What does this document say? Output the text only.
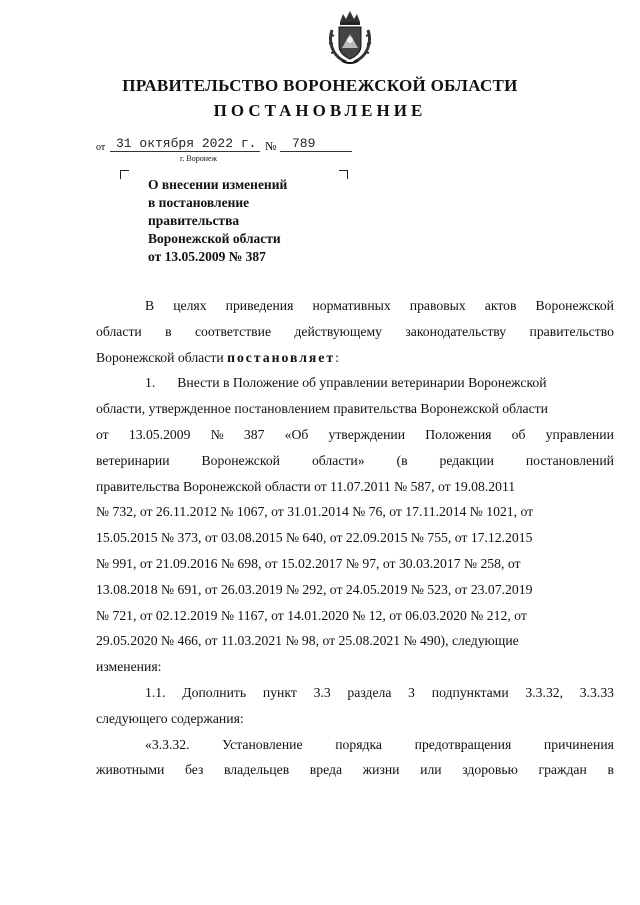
ПРАВИТЕЛЬСТВО ВОРОНЕЖСКОЙ ОБЛАСТИ
ПОСТАНОВЛЕНИЕ
от 31 октября 2022 г. № 789
г. Воронеж
О внесении изменений
в постановление
правительства
Воронежской области
от 13.05.2009 № 387
В целях приведения нормативных правовых актов Воронежской
области в соответствие действующему законодательству правительство
Воронежской области постановляет :
1. Внести в Положение об управлении ветеринарии Воронежской
области, утвержденное постановлением правительства Воронежской области
от 13.05.2009 № 387 «Об утверждении Положения об управлении
ветеринарии Воронежской области» (в редакции постановлений
правительства Воронежской области от 11.07.2011 № 587, от 19.08.2011
№ 732, от 26.11.2012 № 1067, от 31.01.2014 № 76, от 17.11.2014 № 1021, от
15.05.2015 № 373, от 03.08.2015 № 640, от 22.09.2015 № 755, от 17.12.2015
№ 991, от 21.09.2016 № 698, от 15.02.2017 № 97, от 30.03.2017 № 258, от
13.08.2018 № 691, от 26.03.2019 № 292, от 24.05.2019 № 523, от 23.07.2019
№ 721, от 02.12.2019 № 1167, от 14.01.2020 № 12, от 06.03.2020 № 212, от
29.05.2020 № 466, от 11.03.2021 № 98, от 25.08.2021 № 490), следующие
изменения:
1.1. Дополнить пункт 3.3 раздела 3 подпунктами 3.3.32, 3.3.33
следующего содержания:
«3.3.32. Установление порядка предотвращения причинения
животными без владельцев вреда жизни или здоровью граждан в
